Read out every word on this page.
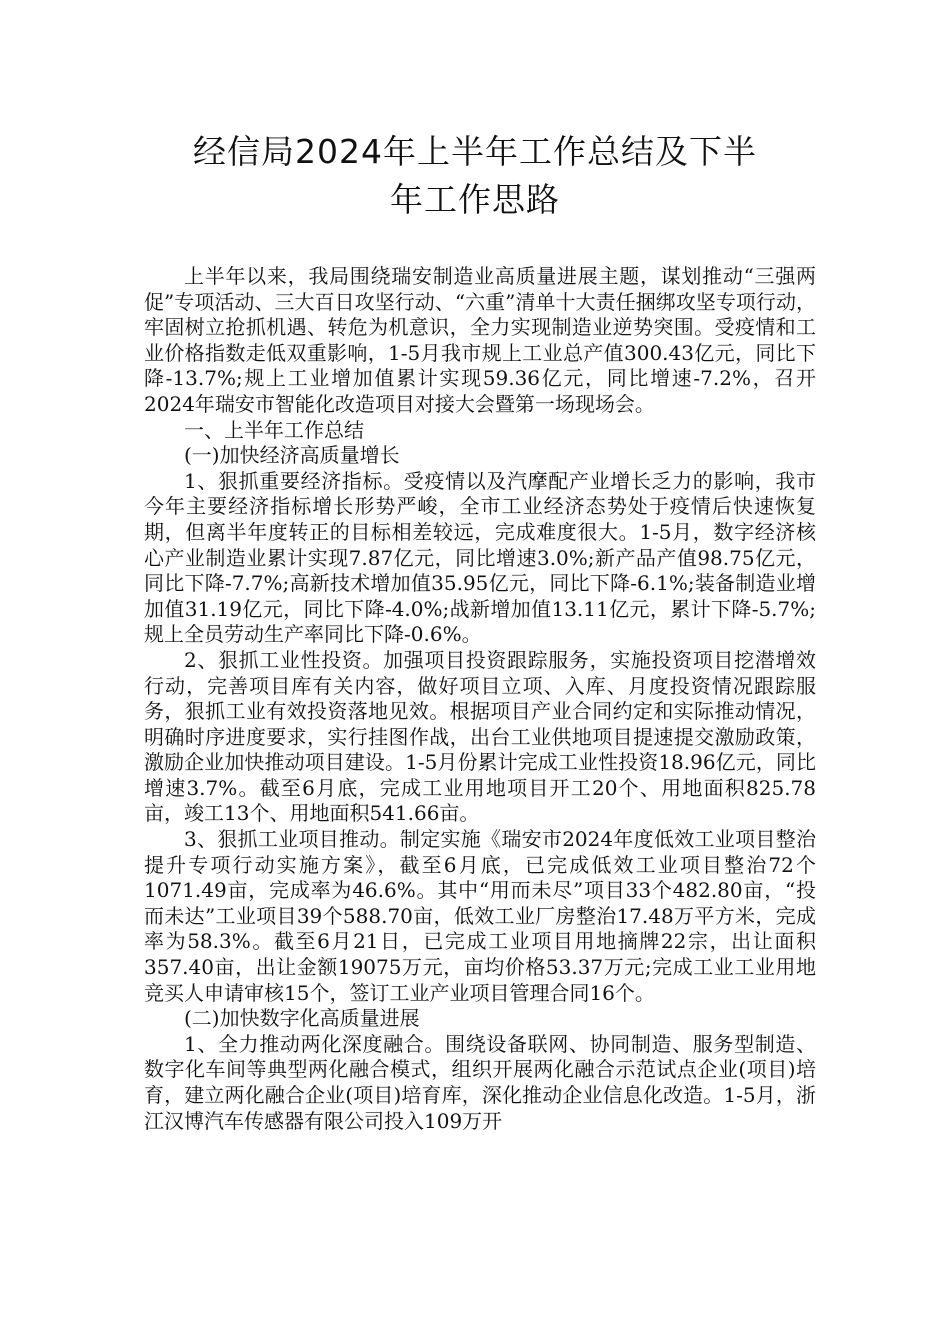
经信局2024年上半年工作总结及下半
年工作思路

上半年以来，我局围绕瑞安制造业高质量进展主题，谋划推动“三强两促”专项活动、三大百日攻坚行动、“六重”清单十大责任捆绑攻坚专项行动，牢固树立抢抓机遇、转危为机意识，全力实现制造业逆势突围。受疫情和工业价格指数走低双重影响，1-5月我市规上工业总产值300.43亿元，同比下降-13.7%;规上工业增加值累计实现59.36亿元，同比增速-7.2%，召开2024年瑞安市智能化改造项目对接大会暨第一场现场会。

一、上半年工作总结

(一)加快经济高质量增长

1、狠抓重要经济指标。受疫情以及汽摩配产业增长乏力的影响，我市今年主要经济指标增长形势严峻，全市工业经济态势处于疫情后快速恢复期，但离半年度转正的目标相差较远，完成难度很大。1-5月，数字经济核心产业制造业累计实现7.87亿元，同比增速3.0%;新产品产值98.75亿元，同比下降-7.7%;高新技术增加值35.95亿元，同比下降-6.1%;装备制造业增加值31.19亿元，同比下降-4.0%;战新增加值13.11亿元，累计下降-5.7%;规上全员劳动生产率同比下降-0.6%。

2、狠抓工业性投资。加强项目投资跟踪服务，实施投资项目挖潜增效行动，完善项目库有关内容，做好项目立项、入库、月度投资情况跟踪服务，狠抓工业有效投资落地见效。根据项目产业合同约定和实际推动情况，明确时序进度要求，实行挂图作战，出台工业供地项目提速提交激励政策，激励企业加快推动项目建设。1-5月份累计完成工业性投资18.96亿元，同比增速3.7%。截至6月底，完成工业用地项目开工20个、用地面积825.78亩，竣工13个、用地面积541.66亩。

3、狠抓工业项目推动。制定实施《瑞安市2024年度低效工业项目整治提升专项行动实施方案》，截至6月底，已完成低效工业项目整治72个1071.49亩，完成率为46.6%。其中“用而未尽”项目33个482.80亩，“投而未达”工业项目39个588.70亩，低效工业厂房整治17.48万平方米，完成率为58.3%。截至6月21日，已完成工业项目用地摘牌22宗，出让面积357.40亩，出让金额19075万元，亩均价格53.37万元;完成工业工业用地竞买人申请审核15个，签订工业产业项目管理合同16个。

(二)加快数字化高质量进展

1、全力推动两化深度融合。围绕设备联网、协同制造、服务型制造、数字化车间等典型两化融合模式，组织开展两化融合示范试点企业(项目)培育，建立两化融合企业(项目)培育库，深化推动企业信息化改造。1-5月，浙江汉博汽车传感器有限公司投入109万开
